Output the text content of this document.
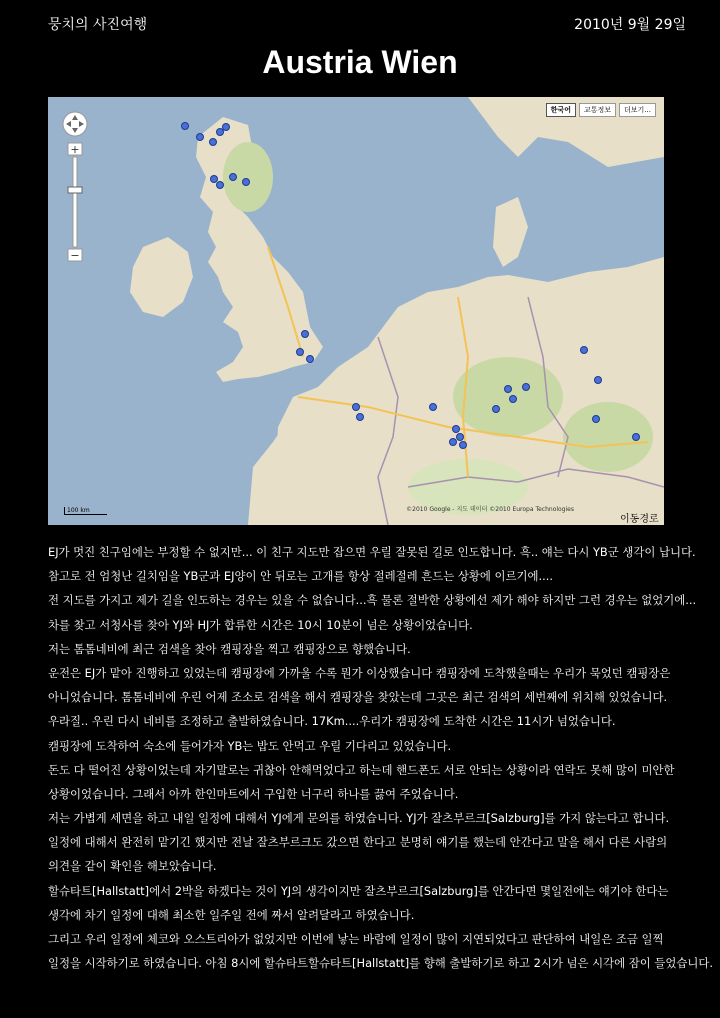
뭉치의 사진여행	2010년 9월 29일
Austria Wien
한국어	교통정보	더보기...
+
−
100 km	©2010 Google - 지도 데이터 ©2010 Europa Technologies
이동경로
EJ가 멋진 친구임에는 부정할 수 없지만... 이 친구 지도만 잡으면 우릴 잘못된 길로 인도합니다. 흑.. 얘는 다시 YB군 생각이 납니다.
참고로 전 엄청난 길치임을 YB군과 EJ양이 안 뒤로는 고개를 항상 절레절레 흔드는 상황에 이르기에....
전 지도를 가지고 제가 길을 인도하는 경우는 있을 수 없습니다...흑 물론 절박한 상황에선 제가 해야 하지만 그런 경우는 없었기에...
차를 찾고 서청사를 찾아 YJ와 HJ가 합류한 시간은 10시 10분이 넘은 상황이었습니다.
저는 톰톰네비에 최근 검색을 찾아 캠핑장을 찍고 캠핑장으로 향했습니다.
운전은 EJ가 맡아 진행하고 있었는데 캠핑장에 가까울 수록 뭔가 이상했습니다 캠핑장에 도착했을때는 우리가 묵었던 캠핑장은
아니었습니다. 톰톰네비에 우린 어제 조소로 검색을 해서 캠핑장을 찾았는데 그곳은 최근 검색의 세번째에 위치해 있었습니다.
우라질.. 우린 다시 네비를 조정하고 출발하였습니다. 17Km....우리가 캠핑장에 도착한 시간은 11시가 넘었습니다.
캠핑장에 도착하여 숙소에 들어가자 YB는 밥도 안먹고 우릴 기다리고 있었습니다.
돈도 다 떨어진 상황이었는데 자기말로는 귀찮아 안해먹었다고 하는데 핸드폰도 서로 안되는 상황이라 연락도 못해 많이 미안한
상황이었습니다. 그래서 아까 한인마트에서 구입한 너구리 하나를 끓여 주었습니다.
저는 가볍게 세면을 하고 내일 일정에 대해서 YJ에게 문의를 하였습니다. YJ가 잘츠부르크[Salzburg]를 가지 않는다고 합니다.
일정에 대해서 완전히 맡기긴 했지만 전날 잘츠부르크도 갔으면 한다고 분명히 얘기를 했는데 안간다고 말을 해서 다른 사람의
의견을 같이 확인을 해보았습니다.
할슈타트[Hallstatt]에서 2박을 하겠다는 것이 YJ의 생각이지만 잘츠부르크[Salzburg]를 안간다면 몇일전에는 얘기야 한다는
생각에 차기 일정에 대해 최소한 일주일 전에 짜서 알려달라고 하였습니다.
그리고 우리 일정에 체코와 오스트리아가 없었지만 이번에 낳는 바람에 일정이 많이 지연되었다고 판단하여 내일은 조금 일찍
일정을 시작하기로 하였습니다. 아침 8시에 할슈타트할슈타트[Hallstatt]를 향해 출발하기로 하고 2시가 넘은 시각에 잠이 들었습니다.
